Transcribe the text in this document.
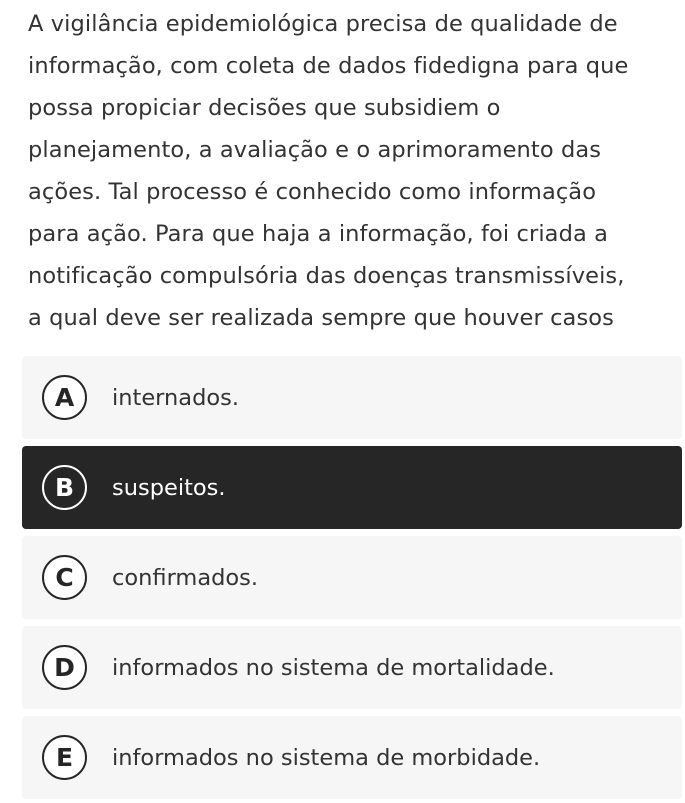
A vigilância epidemiológica precisa de qualidade de
informação, com coleta de dados fidedigna para que
possa propiciar decisões que subsidiem o
planejamento, a avaliação e o aprimoramento das
ações. Tal processo é conhecido como informação
para ação. Para que haja a informação, foi criada a
notificação compulsória das doenças transmissíveis,
a qual deve ser realizada sempre que houver casos
A	internados.
B	suspeitos.
C	confirmados.
D	informados no sistema de mortalidade.
E	informados no sistema de morbidade.
